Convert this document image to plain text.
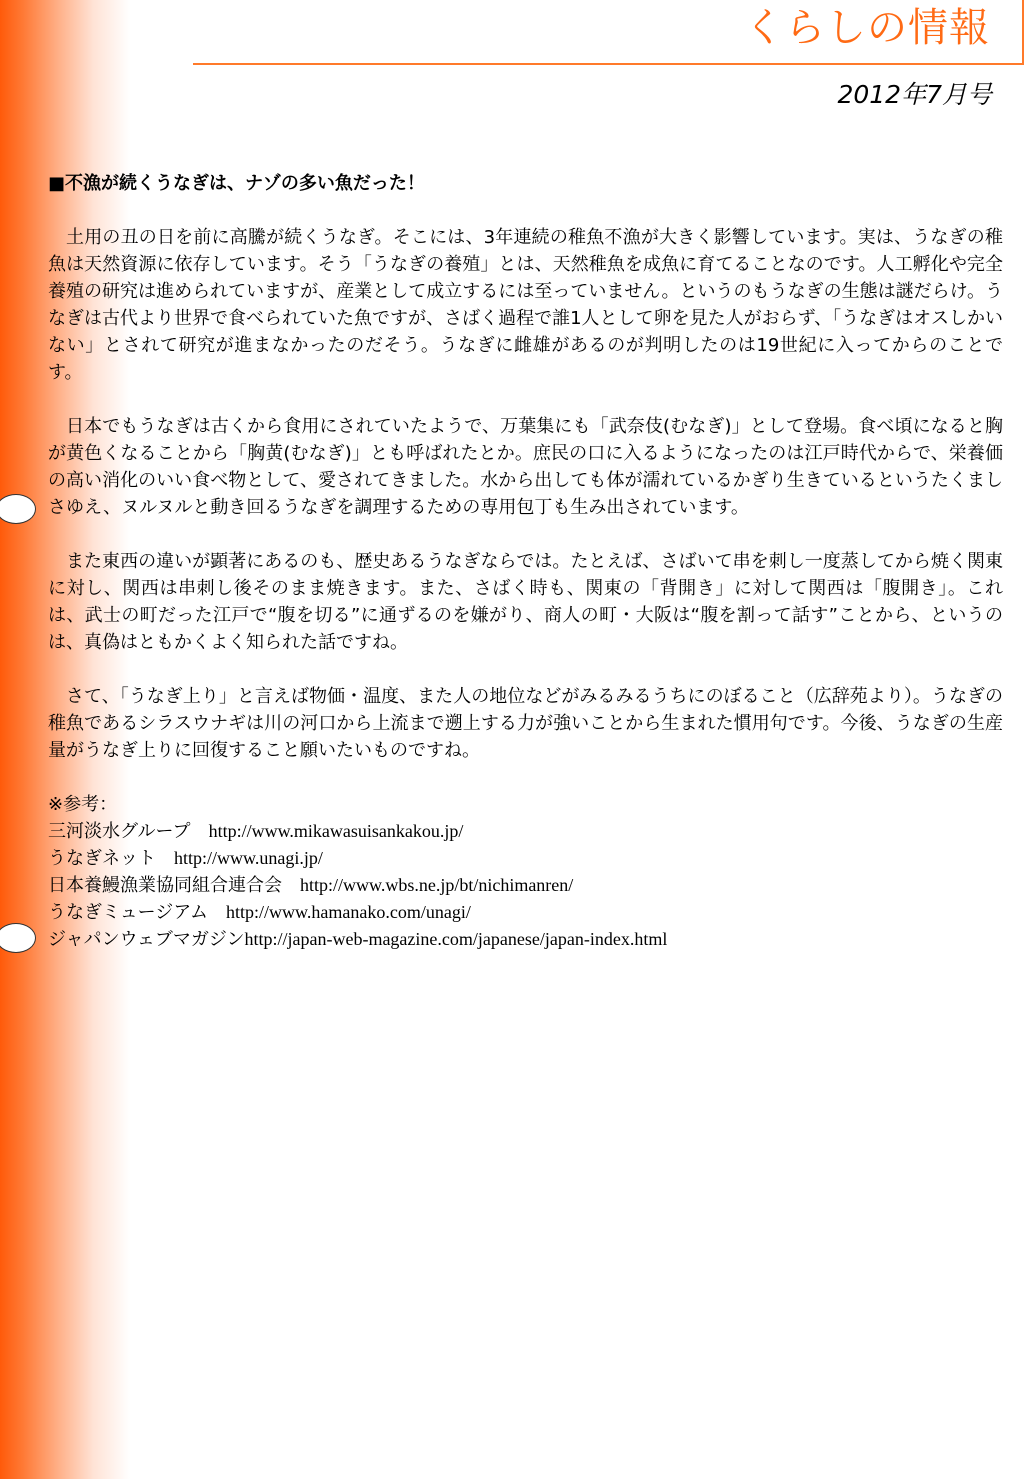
くらしの情報
2012年7月号

■不漁が続くうなぎは、ナゾの多い魚だった！

土用の丑の日を前に高騰が続くうなぎ。そこには、3年連続の稚魚不漁が大きく影響しています。実は、うなぎの稚魚は天然資源に依存しています。そう「うなぎの養殖」とは、天然稚魚を成魚に育てることなのです。人工孵化や完全養殖の研究は進められていますが、産業として成立するには至っていません。というのもうなぎの生態は謎だらけ。うなぎは古代より世界で食べられていた魚ですが、さばく過程で誰1人として卵を見た人がおらず、「うなぎはオスしかいない」とされて研究が進まなかったのだそう。うなぎに雌雄があるのが判明したのは19世紀に入ってからのことです。

日本でもうなぎは古くから食用にされていたようで、万葉集にも「武奈伎(むなぎ)」として登場。食べ頃になると胸が黄色くなることから「胸黄(むなぎ)」とも呼ばれたとか。庶民の口に入るようになったのは江戸時代からで、栄養価の高い消化のいい食べ物として、愛されてきました。水から出しても体が濡れているかぎり生きているというたくましさゆえ、ヌルヌルと動き回るうなぎを調理するための専用包丁も生み出されています。

また東西の違いが顕著にあるのも、歴史あるうなぎならでは。たとえば、さばいて串を刺し一度蒸してから焼く関東に対し、関西は串刺し後そのまま焼きます。また、さばく時も、関東の「背開き」に対して関西は「腹開き」。これは、武士の町だった江戸で“腹を切る”に通ずるのを嫌がり、商人の町・大阪は“腹を割って話す”ことから、というのは、真偽はともかくよく知られた話ですね。

さて、「うなぎ上り」と言えば物価・温度、また人の地位などがみるみるうちにのぼること（広辞苑より）。うなぎの稚魚であるシラスウナギは川の河口から上流まで遡上する力が強いことから生まれた慣用句です。今後、うなぎの生産量がうなぎ上りに回復すること願いたいものですね。

※参考：
三河淡水グループ http://www.mikawasuisankakou.jp/
うなぎネット http://www.unagi.jp/
日本養鰻漁業協同組合連合会 http://www.wbs.ne.jp/bt/nichimanren/
うなぎミュージアム http://www.hamanako.com/unagi/
ジャパンウェブマガジンhttp://japan-web-magazine.com/japanese/japan-index.html
